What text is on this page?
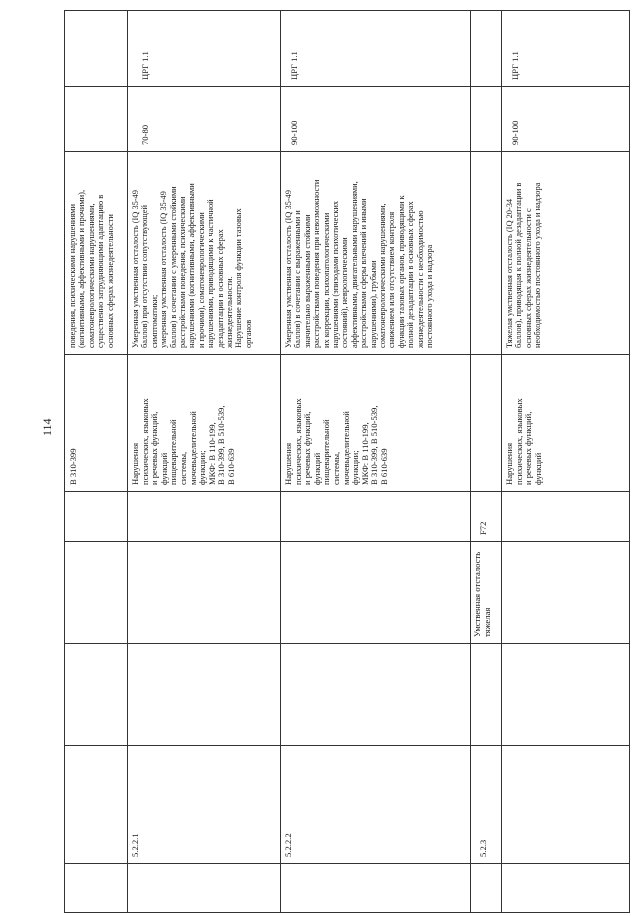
114
В 310-399
поведения, психическими нарушениями
(когнитивными, аффективными и прочими),
соматоневрологическими нарушениями,
существенно затрудняющими адаптацию в
основных сферах жизнедеятельности
5.2.2.1
Нарушения
психических, языковых
и речевых функций,
функций
пищеварительной
системы,
мочевыделительной
функции;
МКФ: В 110-199,
В 310-399, В 510-539,
В 610-639
Умеренная умственная отсталость (IQ 35-49
баллов) при отсутствии сопутствующей
симптоматики;
умеренная умственная отсталость (IQ 35-49
баллов) в сочетании с умеренными стойкими
расстройствами поведения, психическими
нарушениями (когнитивными, аффективными
и прочими), соматоневрологическими
нарушениями, приводящими к частичной
дезадаптации в основных сферах
жизнедеятельности.
Нарушение контроля функции тазовых
органов
70-80
ЦРГ 1.1
5.2.2.2
Нарушения
психических, языковых
и речевых функций,
функций
пищеварительной
системы,
мочевыделительной
функции;
МКФ: В 110-199,
В 310-399, В 510-539,
В 610-639
Умеренная умственная отсталость (IQ 35-49
баллов) в сочетании с выраженными и
значительно выраженными стойкими
расстройствами поведения при невозможности
их коррекции, психопатологическими
нарушениями (эпизодами психотических
состояний), неврологическими
аффективными, двигательными нарушениями,
расстройствами сферы влечений и иными
нарушениями), грубыми
соматоневрологическими нарушениями,
снижением или отсутствием контроля
функции тазовых органов, приводящими к
полной дезадаптации в основных сферах
жизнедеятельности с необходимостью
постоянного ухода и надзора
90-100
ЦРГ 1.1
5.2.3
Умственная отсталость
тяжелая
F72
Нарушения
психических, языковых
и речевых функций,
функций
Тяжелая умственная отсталость (IQ 20-34
баллов), приводящая к полной дезадаптации в
основных сферах жизнедеятельности с
необходимостью постоянного ухода и надзора
90-100
ЦРГ 1.1
